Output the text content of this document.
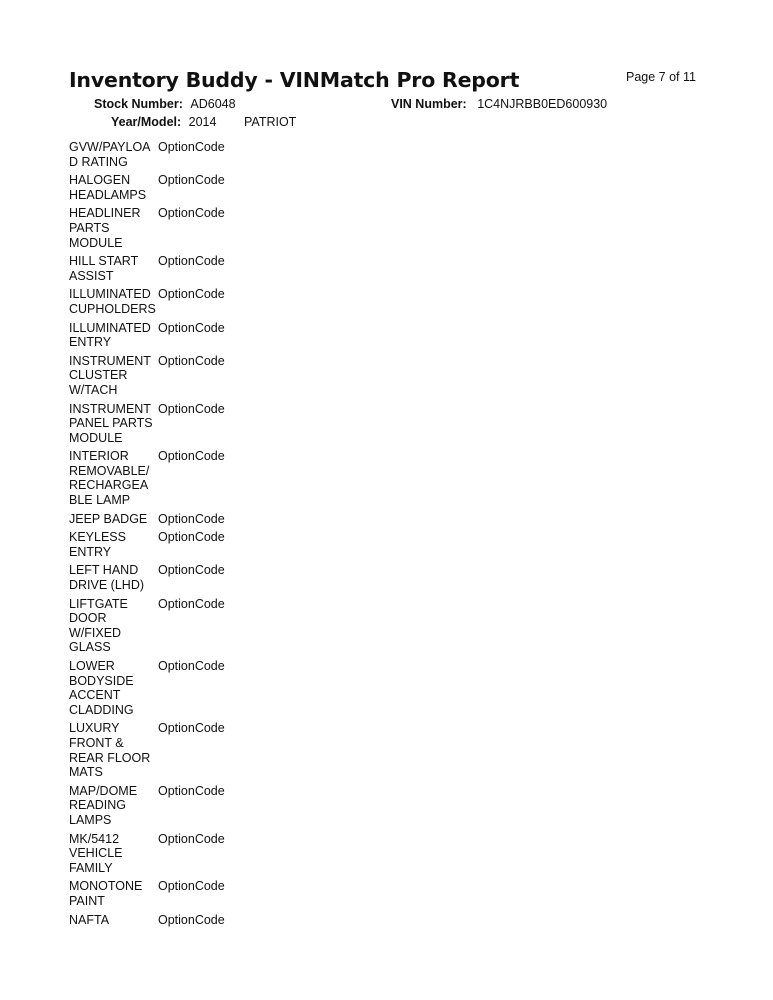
Inventory Buddy - VINMatch Pro Report	Page 7 of 11
Stock Number: AD6048	VIN Number: 1C4NJRBB0ED600930
Year/Model: 2014 PATRIOT
GVW/PAYLOA
D RATING
OptionCode
HALOGEN
HEADLAMPS
OptionCode
HEADLINER
PARTS
MODULE
OptionCode
HILL START
ASSIST
OptionCode
ILLUMINATED
CUPHOLDERS
OptionCode
ILLUMINATED
ENTRY
OptionCode
INSTRUMENT
CLUSTER
W/TACH
OptionCode
INSTRUMENT
PANEL PARTS
MODULE
OptionCode
INTERIOR
REMOVABLE/
RECHARGEA
BLE LAMP
OptionCode
JEEP BADGE OptionCode
KEYLESS
ENTRY
OptionCode
LEFT HAND
DRIVE (LHD)
OptionCode
LIFTGATE
DOOR
W/FIXED
GLASS
OptionCode
LOWER
BODYSIDE
ACCENT
CLADDING
OptionCode
LUXURY
FRONT &
REAR FLOOR
MATS
OptionCode
MAP/DOME
READING
LAMPS
OptionCode
MK/5412
VEHICLE
FAMILY
OptionCode
MONOTONE
PAINT
OptionCode
NAFTA	OptionCode
